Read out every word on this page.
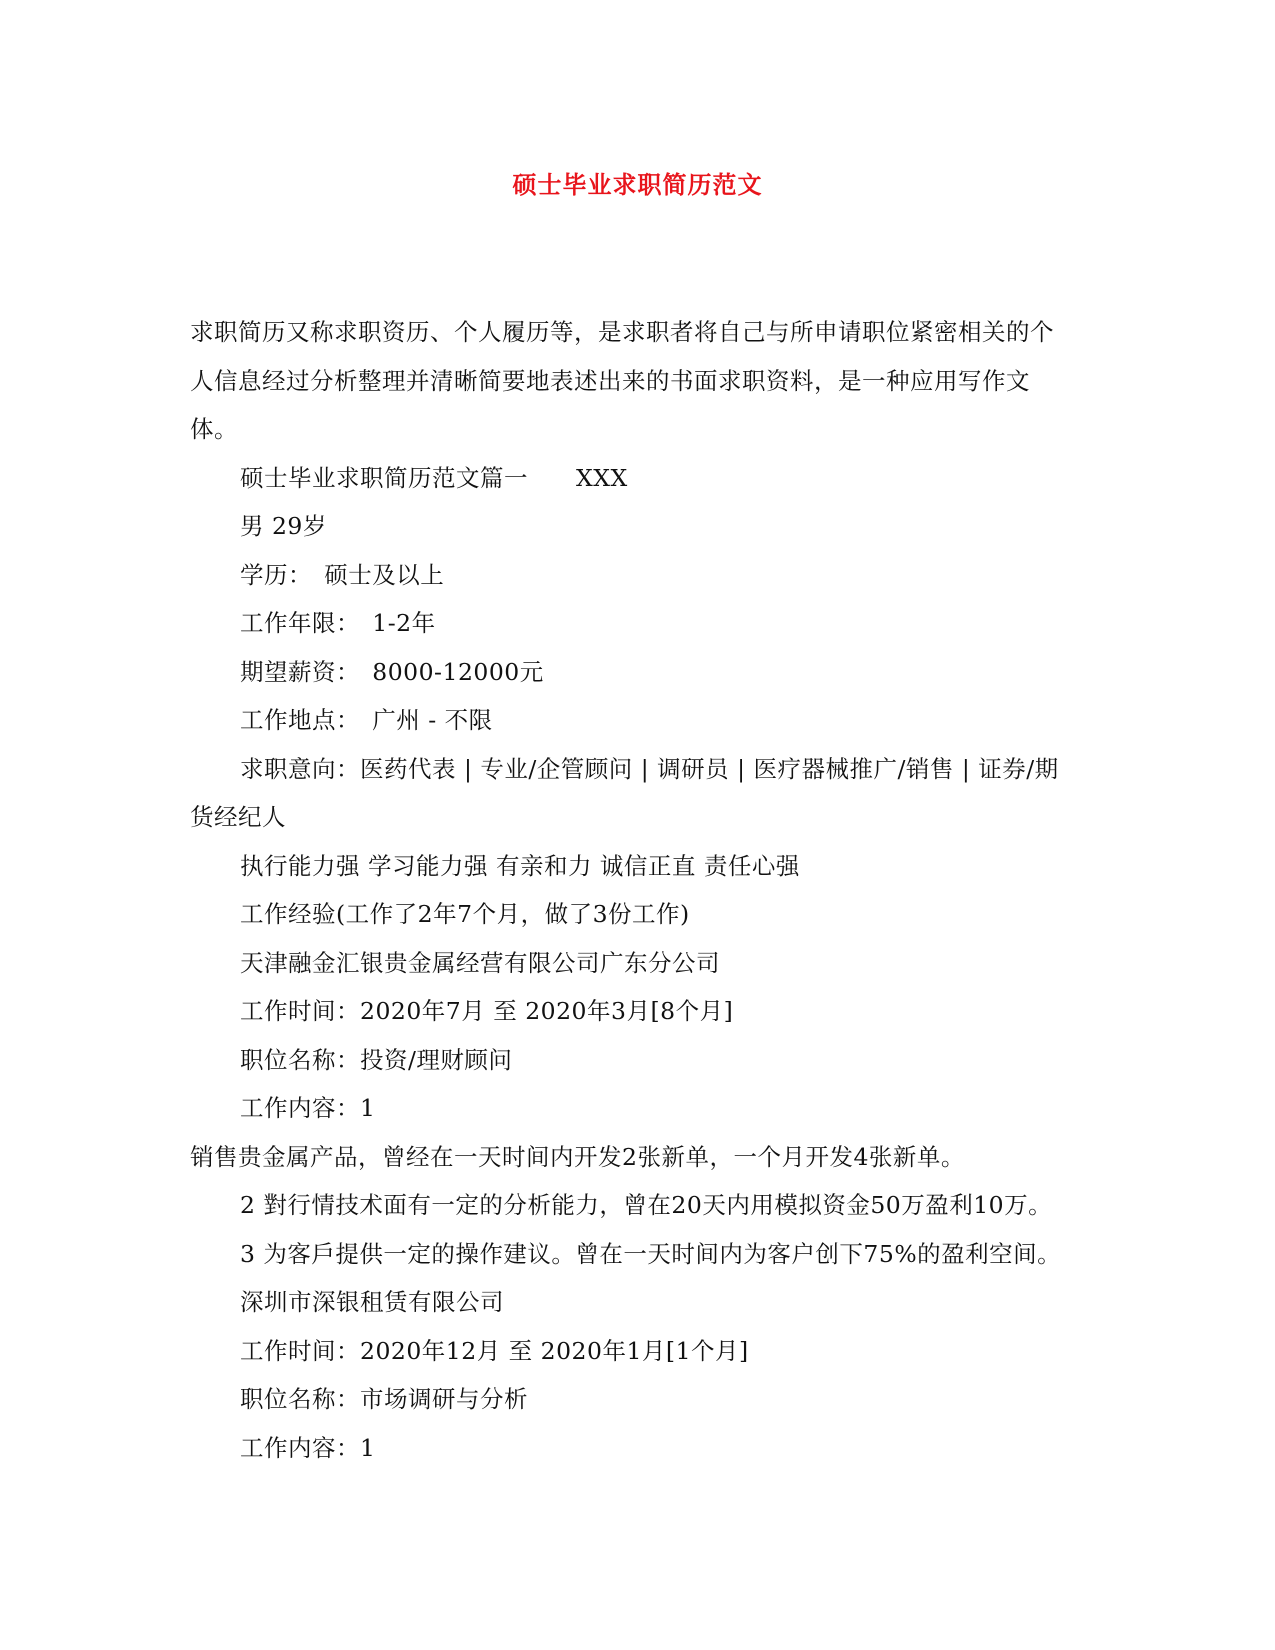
硕士毕业求职简历范文

求职简历又称求职资历、个人履历等，是求职者将自己与所申请职位紧密相关的个人信息经过分析整理并清晰简要地表述出来的书面求职资料，是一种应用写作文体。

硕士毕业求职简历范文篇一　　XXX

男 29岁

学历：　硕士及以上

工作年限：　1-2年

期望薪资：　8000-12000元

工作地点：　广州 - 不限

求职意向：医药代表 | 专业/企管顾问 | 调研员 | 医疗器械推广/销售 | 证券/期货经纪人

执行能力强 学习能力强 有亲和力 诚信正直 责任心强

工作经验(工作了2年7个月，做了3份工作)

天津融金汇银贵金属经营有限公司广东分公司

工作时间：2020年7月 至 2020年3月[8个月]

职位名称：投资/理财顾问

工作内容：1

销售贵金属产品，曾经在一天时间内开发2张新单，一个月开发4张新单。

2 對行情技术面有一定的分析能力，曾在20天内用模拟资金50万盈利10万。

3 为客戶提供一定的操作建议。曾在一天时间内为客户创下75%的盈利空间。

深圳市深银租赁有限公司

工作时间：2020年12月 至 2020年1月[1个月]

职位名称：市场调研与分析

工作内容：1
